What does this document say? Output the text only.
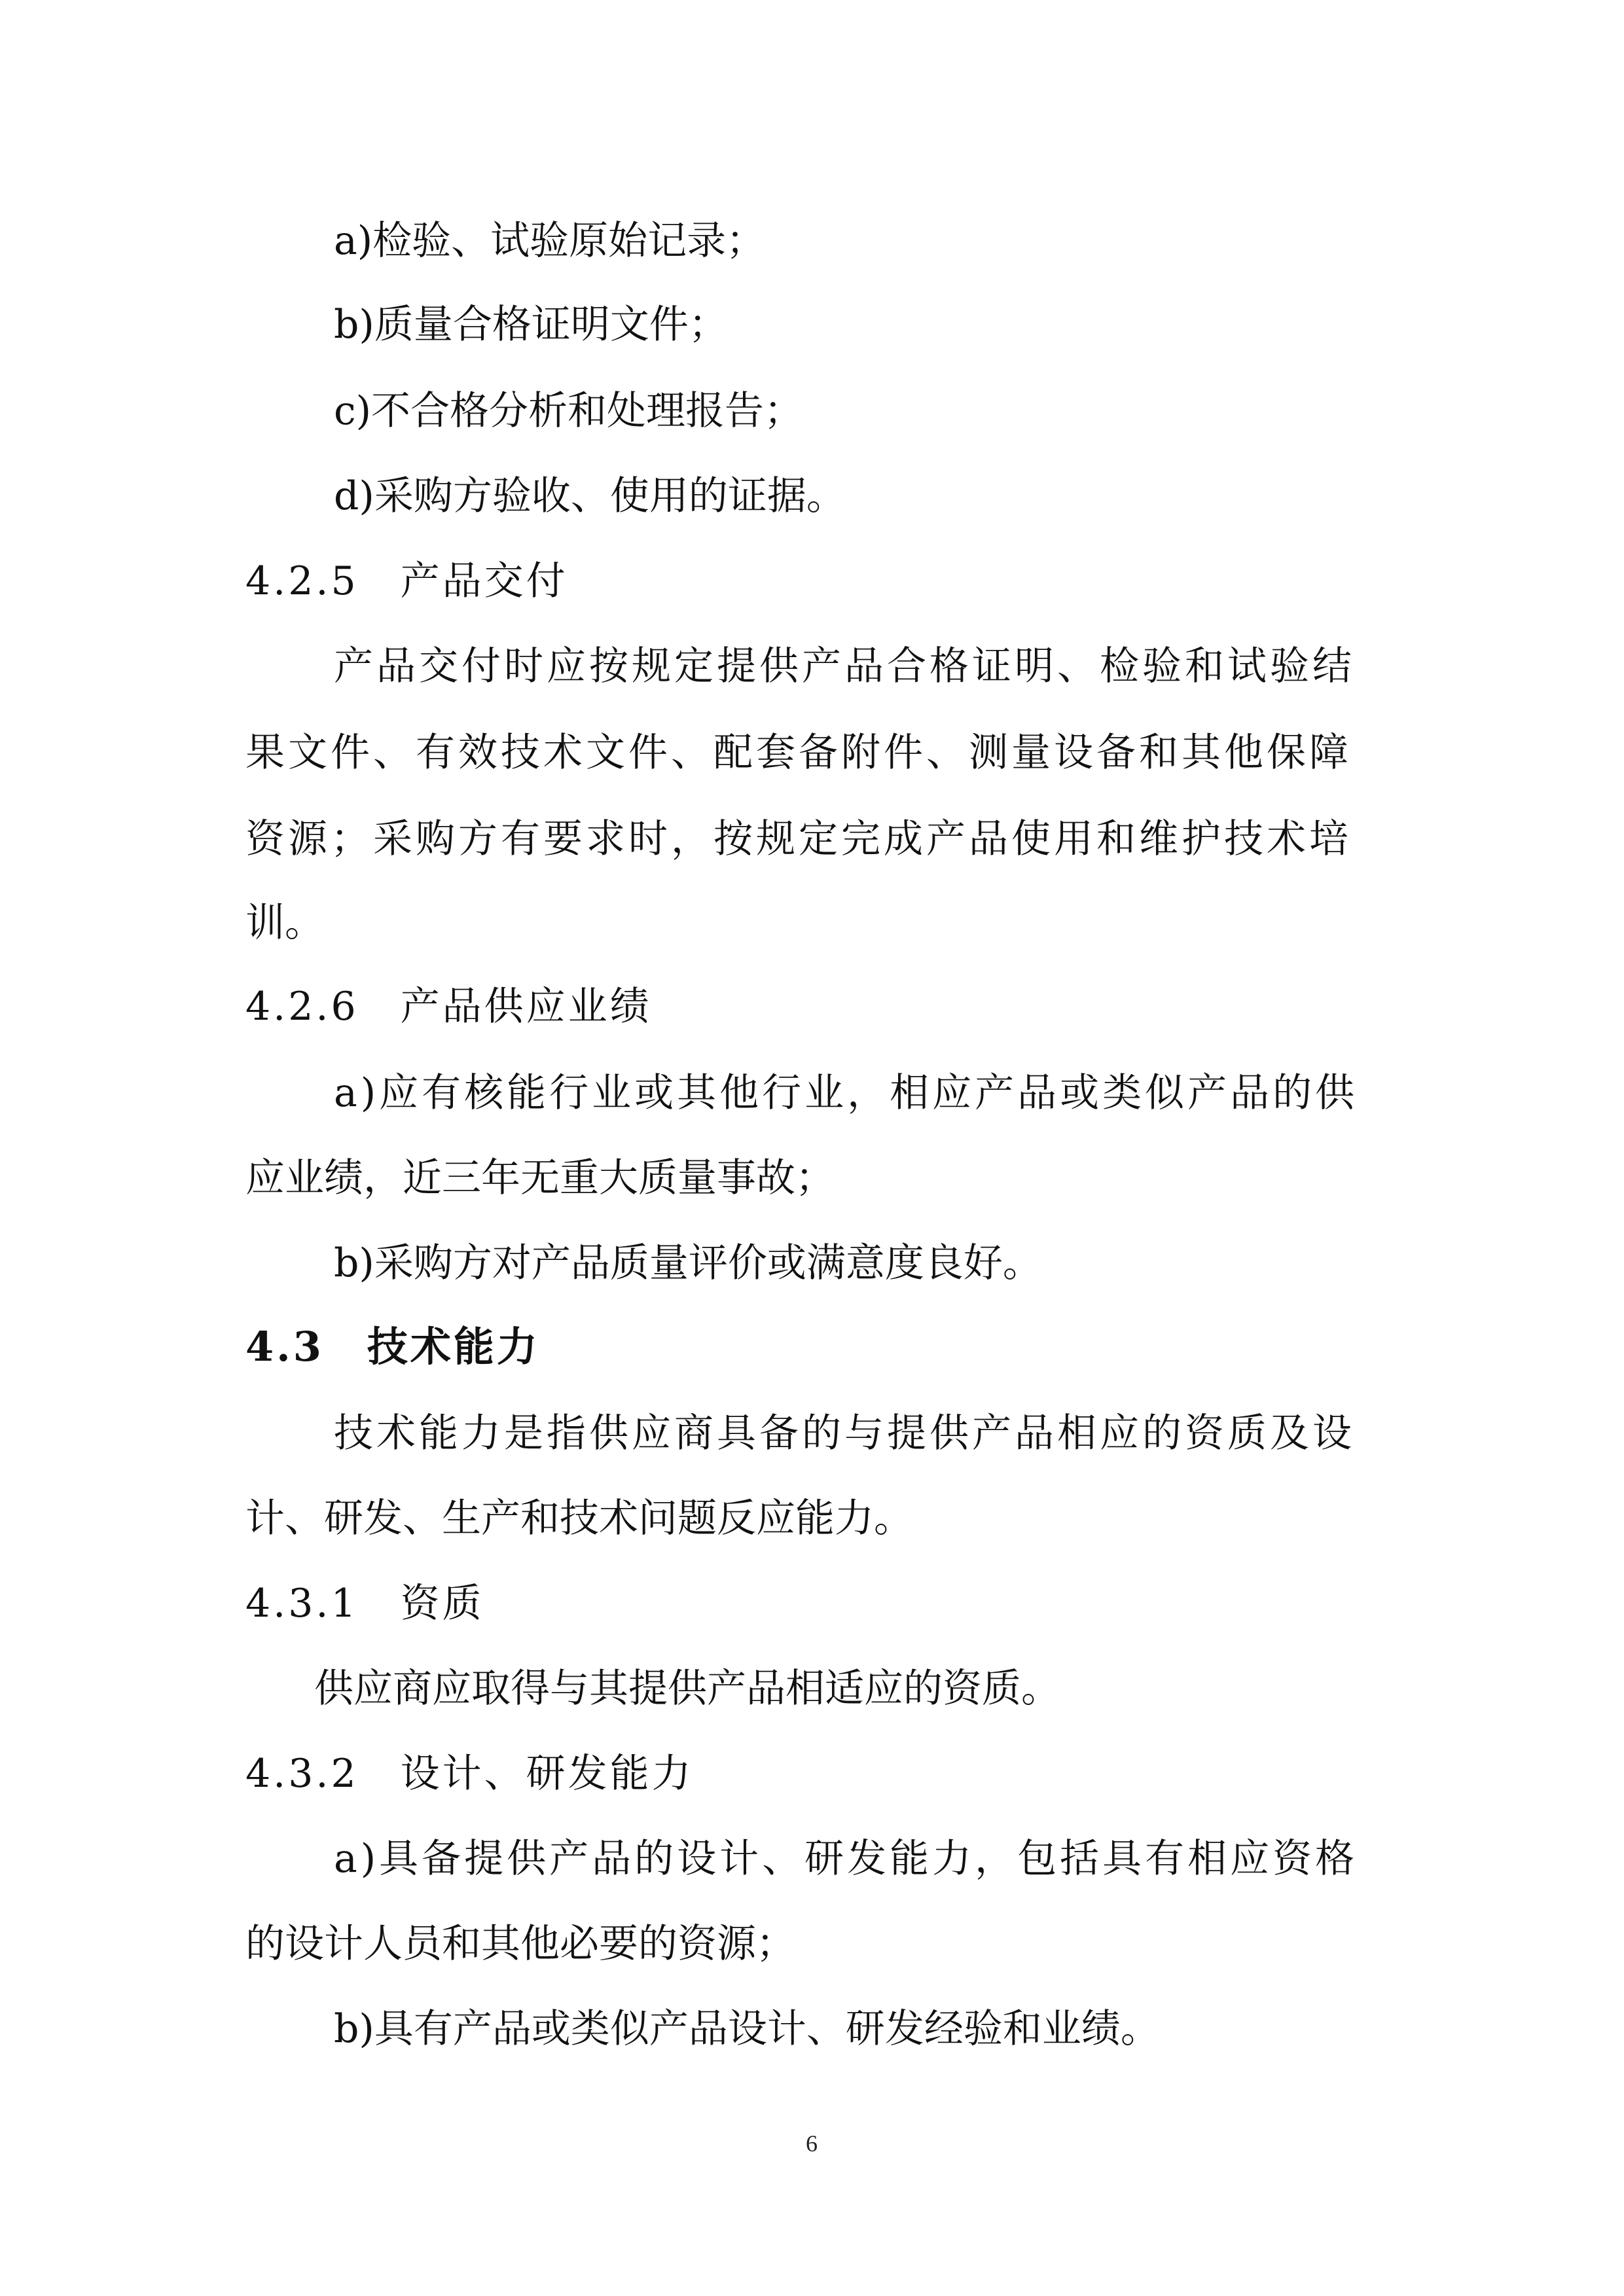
a)检验、试验原始记录；

b)质量合格证明文件；

c)不合格分析和处理报告；

d)采购方验收、使用的证据。

4.2.5　产品交付

产品交付时应按规定提供产品合格证明、检验和试验结

果文件、有效技术文件、配套备附件、测量设备和其他保障

资源；采购方有要求时，按规定完成产品使用和维护技术培

训。

4.2.6　产品供应业绩

a)应有核能行业或其他行业，相应产品或类似产品的供

应业绩，近三年无重大质量事故；

b)采购方对产品质量评价或满意度良好。

4.3　技术能力

技术能力是指供应商具备的与提供产品相应的资质及设

计、研发、生产和技术问题反应能力。

4.3.1　资质

供应商应取得与其提供产品相适应的资质。

4.3.2　设计、研发能力

a)具备提供产品的设计、研发能力，包括具有相应资格

的设计人员和其他必要的资源；

b)具有产品或类似产品设计、研发经验和业绩。

6
